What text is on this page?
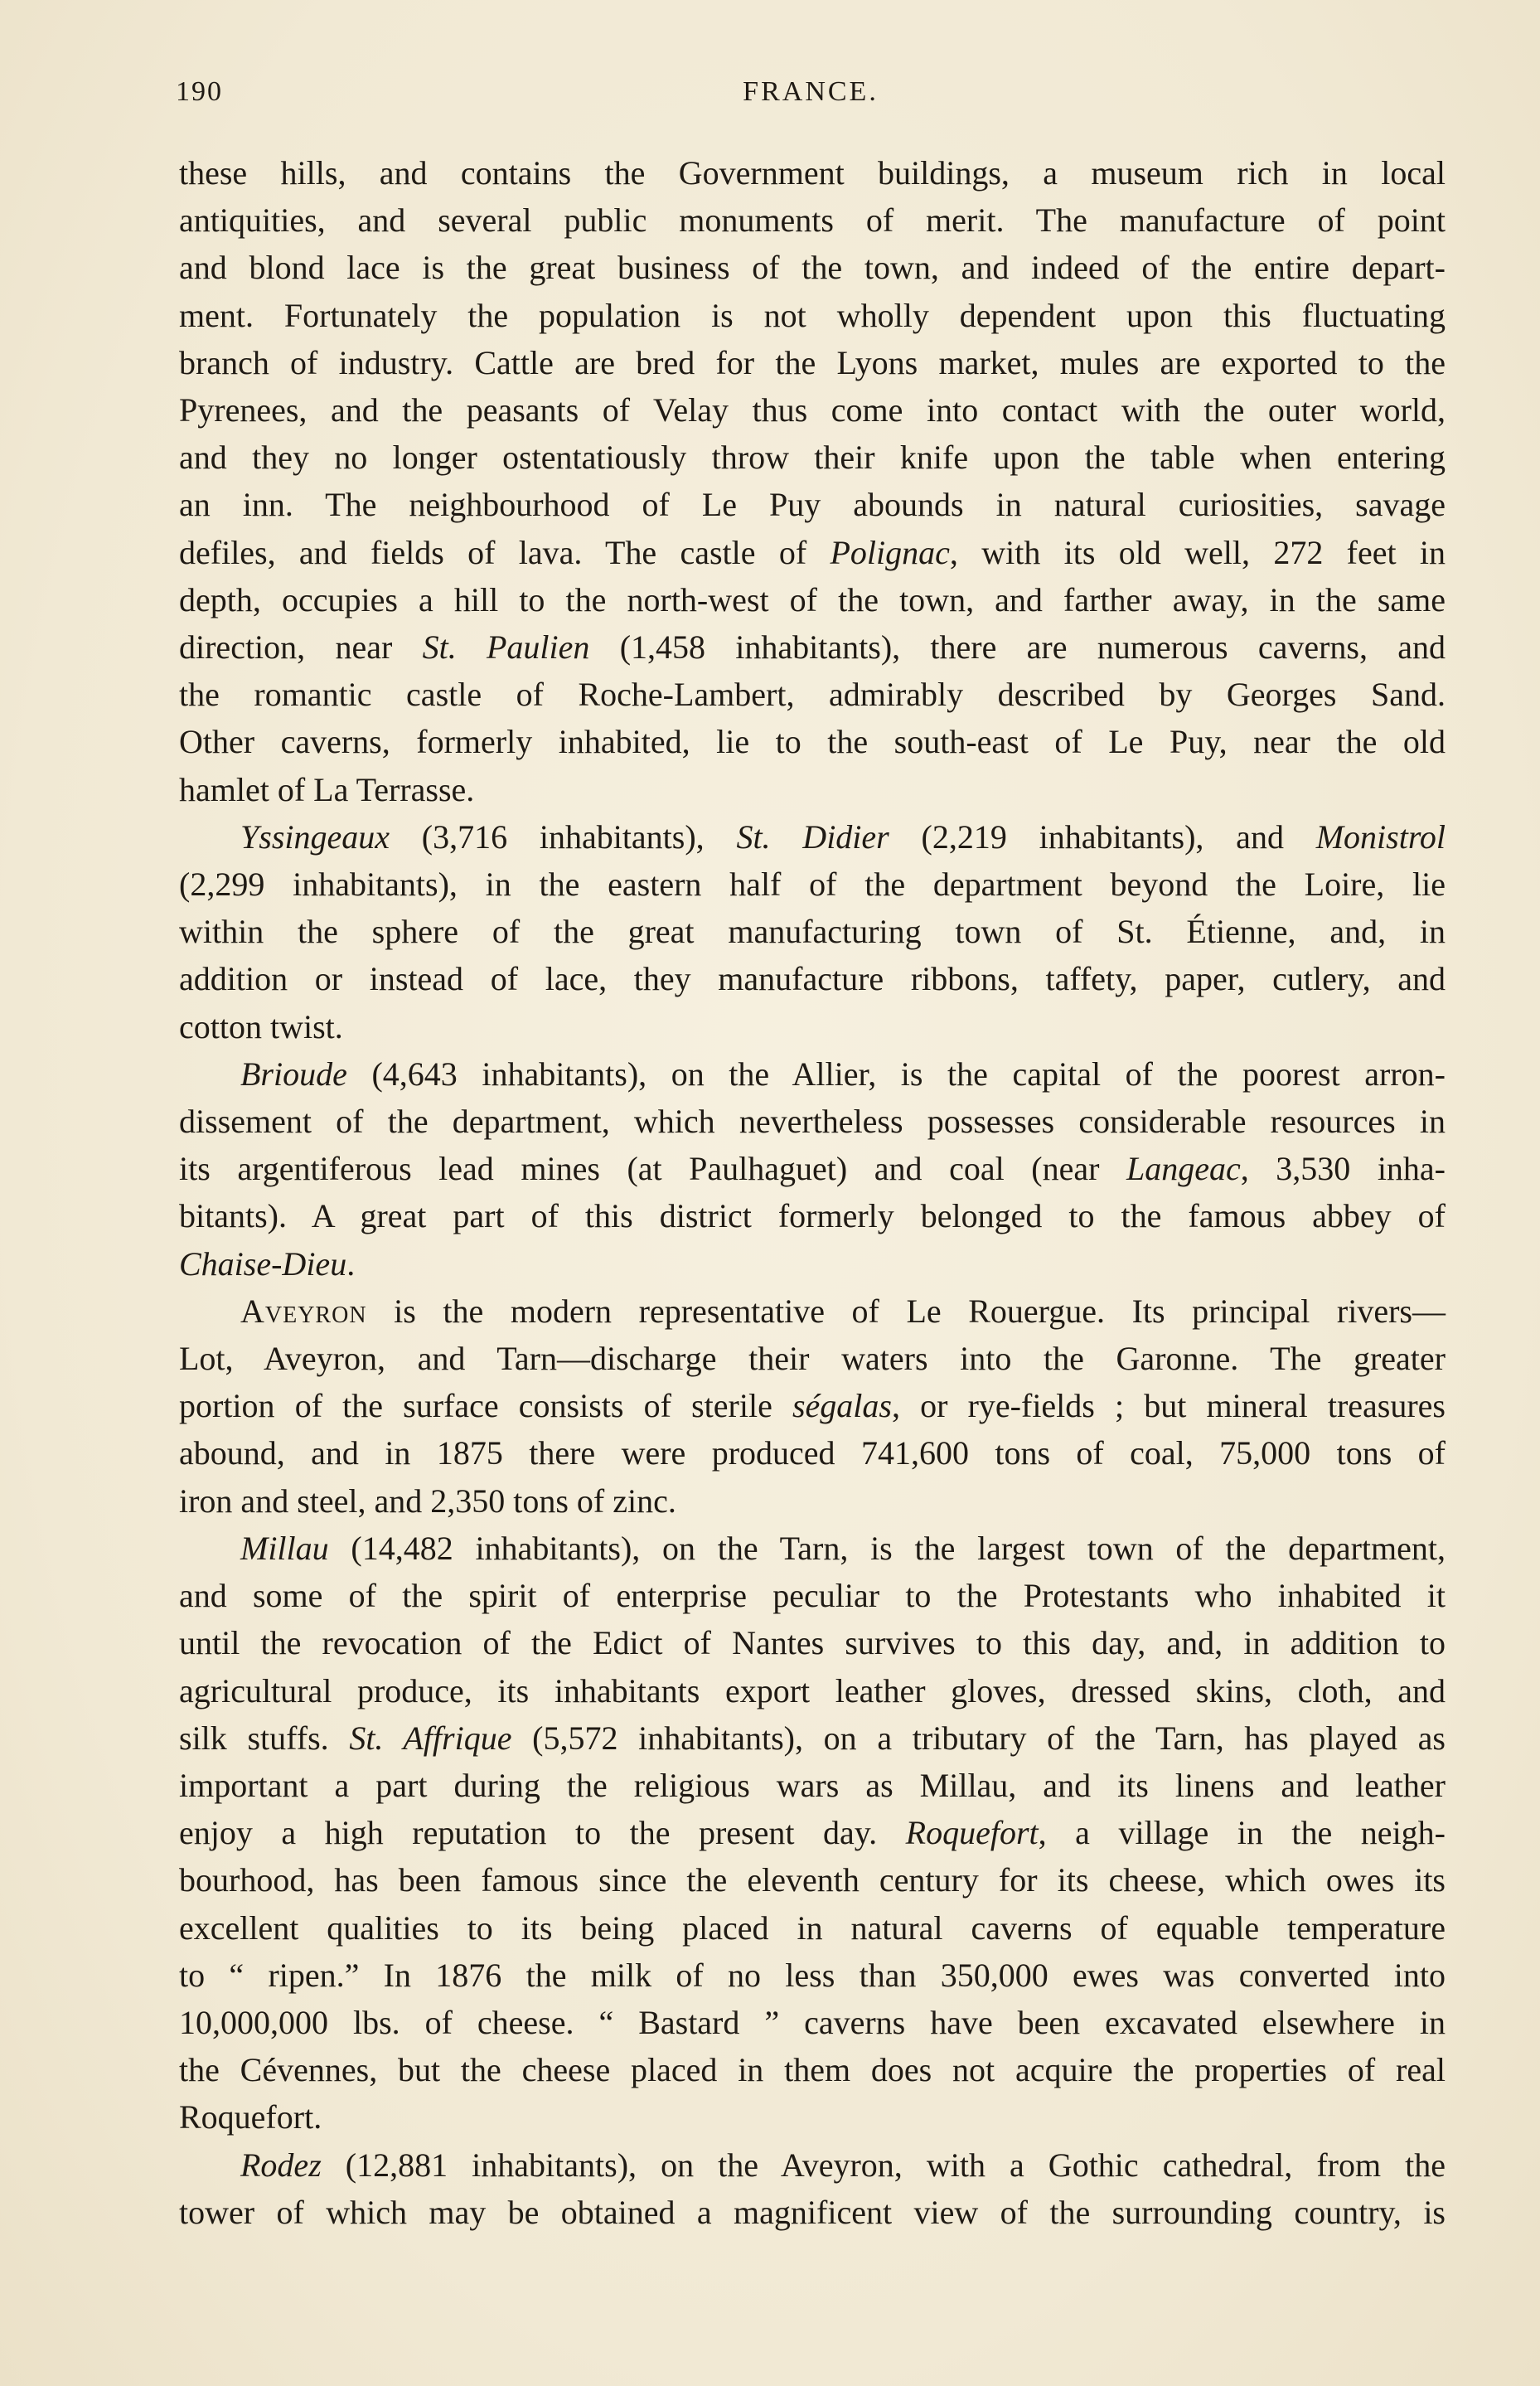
190	FRANCE.
these hills, and contains the Government buildings, a museum rich in local
antiquities, and several public monuments of merit. The manufacture of point
and blond lace is the great business of the town, and indeed of the entire depart-
ment. Fortunately the population is not wholly dependent upon this fluctuating
branch of industry. Cattle are bred for the Lyons market, mules are exported to the
Pyrenees, and the peasants of Velay thus come into contact with the outer world,
and they no longer ostentatiously throw their knife upon the table when entering
an inn. The neighbourhood of Le Puy abounds in natural curiosities, savage
defiles, and fields of lava. The castle of Polignac, with its old well, 272 feet in
depth, occupies a hill to the north-west of the town, and farther away, in the same
direction, near St. Paulien (1,458 inhabitants), there are numerous caverns, and
the romantic castle of Roche-Lambert, admirably described by Georges Sand.
Other caverns, formerly inhabited, lie to the south-east of Le Puy, near the old
hamlet of La Terrasse.
Yssingeaux (3,716 inhabitants), St. Didier (2,219 inhabitants), and Monistrol
(2,299 inhabitants), in the eastern half of the department beyond the Loire, lie
within the sphere of the great manufacturing town of St. Étienne, and, in
addition or instead of lace, they manufacture ribbons, taffety, paper, cutlery, and
cotton twist.
Brioude (4,643 inhabitants), on the Allier, is the capital of the poorest arron-
dissement of the department, which nevertheless possesses considerable resources in
its argentiferous lead mines (at Paulhaguet) and coal (near Langeac, 3,530 inha-
bitants). A great part of this district formerly belonged to the famous abbey of
Chaise-Dieu.
Aveyron is the modern representative of Le Rouergue. Its principal rivers—
Lot, Aveyron, and Tarn—discharge their waters into the Garonne. The greater
portion of the surface consists of sterile ségalas, or rye-fields ; but mineral treasures
abound, and in 1875 there were produced 741,600 tons of coal, 75,000 tons of
iron and steel, and 2,350 tons of zinc.
Millau (14,482 inhabitants), on the Tarn, is the largest town of the department,
and some of the spirit of enterprise peculiar to the Protestants who inhabited it
until the revocation of the Edict of Nantes survives to this day, and, in addition to
agricultural produce, its inhabitants export leather gloves, dressed skins, cloth, and
silk stuffs. St. Affrique (5,572 inhabitants), on a tributary of the Tarn, has played as
important a part during the religious wars as Millau, and its linens and leather
enjoy a high reputation to the present day. Roquefort, a village in the neigh-
bourhood, has been famous since the eleventh century for its cheese, which owes its
excellent qualities to its being placed in natural caverns of equable temperature
to “ ripen.” In 1876 the milk of no less than 350,000 ewes was converted into
10,000,000 lbs. of cheese. “ Bastard ” caverns have been excavated elsewhere in
the Cévennes, but the cheese placed in them does not acquire the properties of real
Roquefort.
Rodez (12,881 inhabitants), on the Aveyron, with a Gothic cathedral, from the
tower of which may be obtained a magnificent view of the surrounding country, is
